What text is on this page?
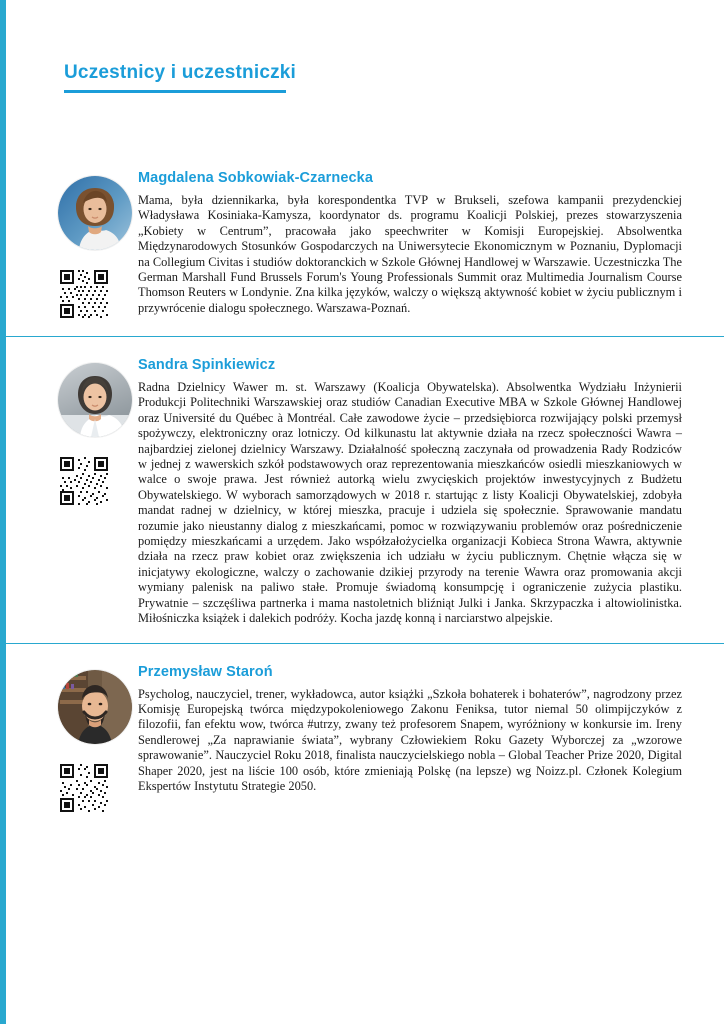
Uczestnicy i uczestniczki
Magdalena Sobkowiak-Czarnecka

Mama, była dziennikarka, była korespondentka TVP w Brukseli, szefowa kampanii prezydenckiej Władysława Kosiniaka-Kamysza, koordynator ds. programu Koalicji Polskiej, prezes stowarzyszenia „Kobiety w Centrum”, pracowała jako speechwriter w Komisji Europejskiej. Absolwentka Międzynarodowych Stosunków Gospodarczych na Uniwersytecie Ekonomicznym w Poznaniu, Dyplomacji na Collegium Civitas i studiów doktoranckich w Szkole Głównej Handlowej w Warszawie. Uczestniczka The German Marshall Fund Brussels Forum's Young Professionals Summit oraz Multimedia Journalism Course Thomson Reuters w Londynie. Zna kilka języków, walczy o większą aktywność kobiet w życiu publicznym i przywrócenie dialogu społecznego. Warszawa-Poznań.

Sandra Spinkiewicz

Radna Dzielnicy Wawer m. st. Warszawy (Koalicja Obywatelska). Absolwentka Wydziału Inżynierii Produkcji Politechniki Warszawskiej oraz studiów Canadian Executive MBA w Szkole Głównej Handlowej oraz Université du Québec à Montréal. Całe zawodowe życie – przedsiębiorca rozwijający polski przemysł spożywczy, elektroniczny oraz lotniczy. Od kilkunastu lat aktywnie działa na rzecz społeczności Wawra – najbardziej zielonej dzielnicy Warszawy. Działalność społeczną zaczynała od prowadzenia Rady Rodziców w jednej z wawerskich szkół podstawowych oraz reprezentowania mieszkańców osiedli mieszkaniowych w walce o swoje prawa. Jest również autorką wielu zwycięskich projektów inwestycyjnych z Budżetu Obywatelskiego. W wyborach samorządowych w 2018 r. startując z listy Koalicji Obywatelskiej, zdobyła mandat radnej w dzielnicy, w której mieszka, pracuje i udziela się społecznie. Sprawowanie mandatu rozumie jako nieustanny dialog z mieszkańcami, pomoc w rozwiązywaniu problemów oraz pośredniczenie pomiędzy mieszkańcami a urzędem. Jako współzałożycielka organizacji Kobieca Strona Wawra, aktywnie działa na rzecz praw kobiet oraz zwiększenia ich udziału w życiu publicznym. Chętnie włącza się w inicjatywy ekologiczne, walczy o zachowanie dzikiej przyrody na terenie Wawra oraz promowania akcji wymiany palenisk na paliwo stałe. Promuje świadomą konsumpcję i ograniczenie zużycia plastiku. Prywatnie – szczęśliwa partnerka i mama nastoletnich bliźniąt Julki i Janka. Skrzypaczka i altowiolinistka. Miłośniczka książek i dalekich podróży. Kocha jazdę konną i narciarstwo alpejskie.

Przemysław Staroń

Psycholog, nauczyciel, trener, wykładowca, autor książki „Szkoła bohaterek i bohaterów”, nagrodzony przez Komisję Europejską twórca międzypokoleniowego Zakonu Feniksa, tutor niemal 50 olimpijczyków z filozofii, fan efektu wow, twórca #utrzy, zwany też profesorem Snapem, wyróżniony w konkursie im. Ireny Sendlerowej „Za naprawianie świata”, wybrany Człowiekiem Roku Gazety Wyborczej za „wzorowe sprawowanie”. Nauczyciel Roku 2018, finalista nauczycielskiego nobla – Global Teacher Prize 2020, Digital Shaper 2020, jest na liście 100 osób, które zmieniają Polskę (na lepsze) wg Noizz.pl. Członek Kolegium Ekspertów Instytutu Strategie 2050.
